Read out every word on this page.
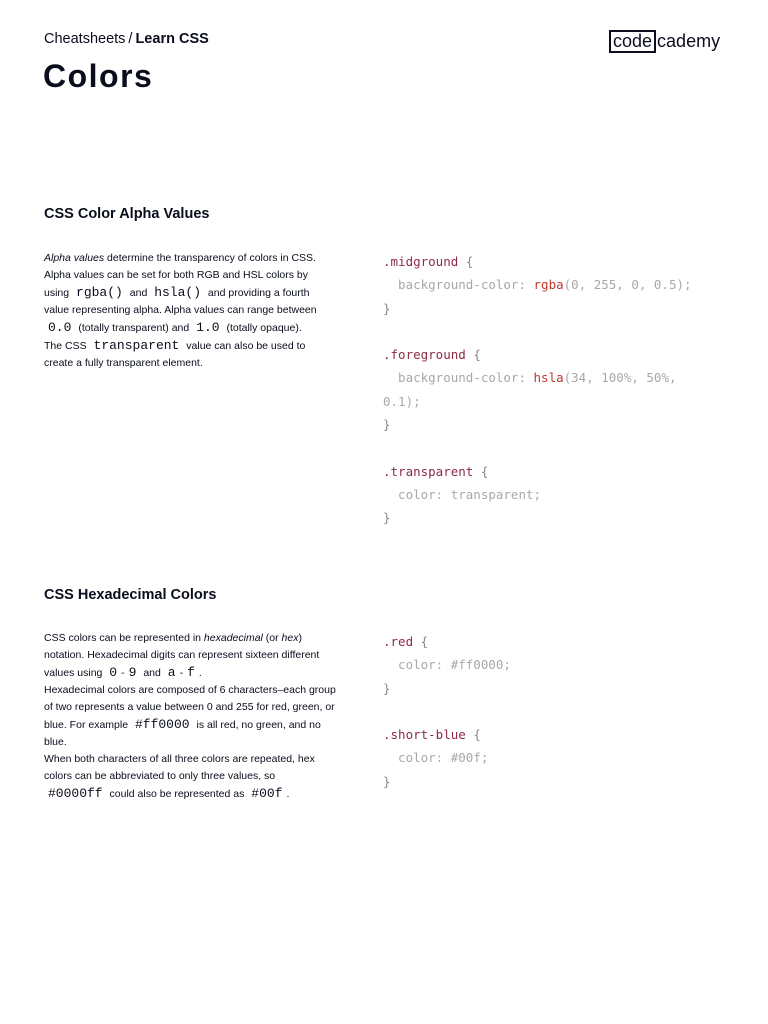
Cheatsheets / Learn CSS	code cademy
Colors
CSS Color Alpha Values

Alpha values determine the transparency of colors in CSS. Alpha values can be set for both RGB and HSL colors by using rgba() and hsla() and providing a fourth value representing alpha. Alpha values can range between 0.0 (totally transparent) and 1.0 (totally opaque).

The CSS transparent value can also be used to create a fully transparent element.

.midground {
background-color: rgba(0, 255, 0, 0.5);
}

.foreground {
background-color: hsla(34, 100%, 50%,
0.1);
}

.transparent {
color: transparent;
}
CSS Hexadecimal Colors

CSS colors can be represented in hexadecimal (or hex) notation. Hexadecimal digits can represent sixteen different values using 0 - 9 and a - f .

Hexadecimal colors are composed of 6 characters–each group of two represents a value between 0 and 255 for red, green, or blue. For example #ff0000 is all red, no green, and no blue.

When both characters of all three colors are repeated, hex colors can be abbreviated to only three values, so #0000ff could also be represented as #00f .

.red {
color: #ff0000;
}

.short-blue {
color: #00f;
}
